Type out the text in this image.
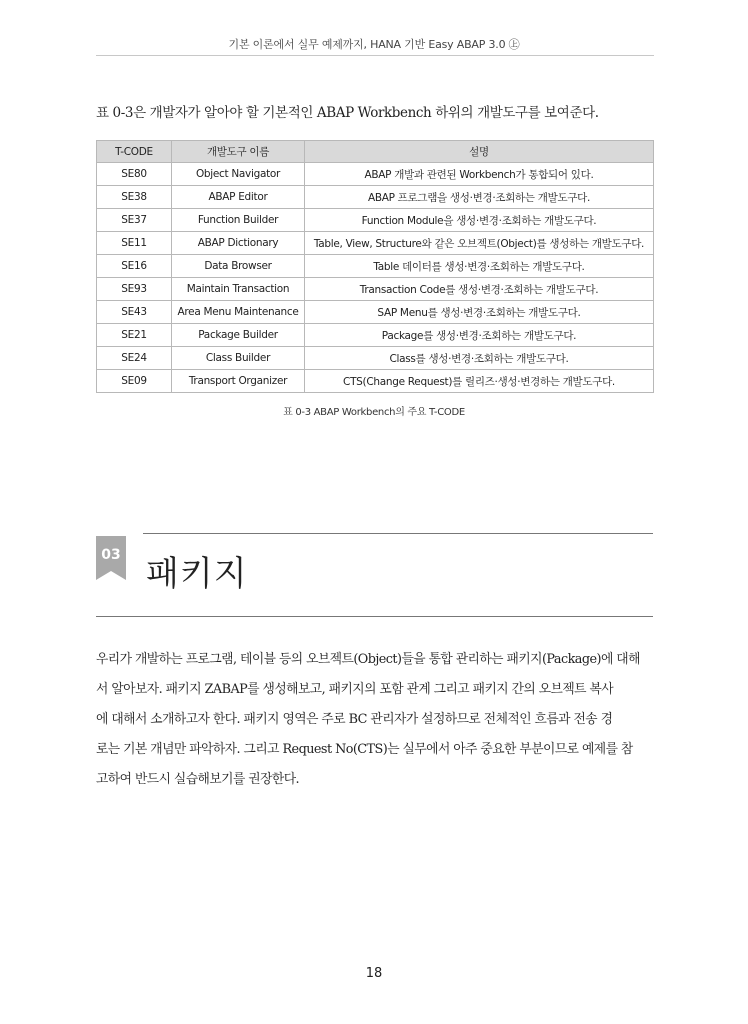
기본 이론에서 실무 예제까지, HANA 기반 Easy ABAP 3.0 ㊤
표 0-3은 개발자가 알아야 할 기본적인 ABAP Workbench 하위의 개발도구를 보여준다.
T-CODE	개발도구 이름	설명
SE80	Object Navigator	ABAP 개발과 관련된 Workbench가 통합되어 있다.
SE38	ABAP Editor	ABAP 프로그램을 생성·변경·조회하는 개발도구다.
SE37	Function Builder	Function Module을 생성·변경·조회하는 개발도구다.
SE11	ABAP Dictionary	Table, View, Structure와 같은 오브젝트(Object)를 생성하는 개발도구다.
SE16	Data Browser	Table 데이터를 생성·변경·조회하는 개발도구다.
SE93	Maintain Transaction	Transaction Code를 생성·변경·조회하는 개발도구다.
SE43	Area Menu Maintenance	SAP Menu를 생성·변경·조회하는 개발도구다.
SE21	Package Builder	Package를 생성·변경·조회하는 개발도구다.
SE24	Class Builder	Class를 생성·변경·조회하는 개발도구다.
SE09	Transport Organizer	CTS(Change Request)를 릴리즈·생성·변경하는 개발도구다.
표 0-3 ABAP Workbench의 주요 T-CODE
03 패키지
우리가 개발하는 프로그램, 테이블 등의 오브젝트(Object)들을 통합 관리하는 패키지(Package)에 대해
서 알아보자. 패키지 ZABAP를 생성해보고, 패키지의 포함 관계 그리고 패키지 간의 오브젝트 복사
에 대해서 소개하고자 한다. 패키지 영역은 주로 BC 관리자가 설정하므로 전체적인 흐름과 전송 경
로는 기본 개념만 파악하자. 그리고 Request No(CTS)는 실무에서 아주 중요한 부분이므로 예제를 참
고하여 반드시 실습해보기를 권장한다.
18
